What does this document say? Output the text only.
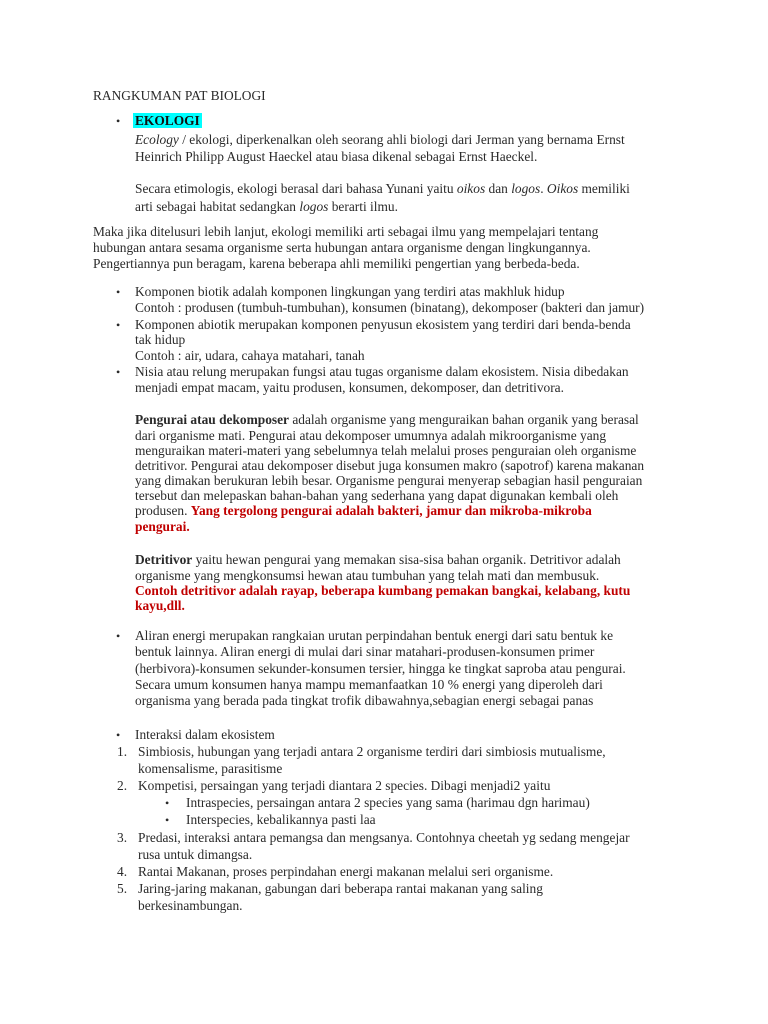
RANGKUMAN PAT BIOLOGI
• EKOLOGI
Ecology / ekologi, diperkenalkan oleh seorang ahli biologi dari Jerman yang bernama Ernst
Heinrich Philipp August Haeckel atau biasa dikenal sebagai Ernst Haeckel.
Secara etimologis, ekologi berasal dari bahasa Yunani yaitu oikos dan logos. Oikos memiliki
arti sebagai habitat sedangkan logos berarti ilmu.
Maka jika ditelusuri lebih lanjut, ekologi memiliki arti sebagai ilmu yang mempelajari tentang
hubungan antara sesama organisme serta hubungan antara organisme dengan lingkungannya.
Pengertiannya pun beragam, karena beberapa ahli memiliki pengertian yang berbeda-beda.
• Komponen biotik adalah komponen lingkungan yang terdiri atas makhluk hidup
Contoh : produsen (tumbuh-tumbuhan), konsumen (binatang), dekomposer (bakteri dan jamur)
• Komponen abiotik merupakan komponen penyusun ekosistem yang terdiri dari benda-benda
tak hidup
Contoh : air, udara, cahaya matahari, tanah
• Nisia atau relung merupakan fungsi atau tugas organisme dalam ekosistem. Nisia dibedakan
menjadi empat macam, yaitu produsen, konsumen, dekomposer, dan detritivora.
Pengurai atau dekomposer adalah organisme yang menguraikan bahan organik yang berasal
dari organisme mati. Pengurai atau dekomposer umumnya adalah mikroorganisme yang
menguraikan materi-materi yang sebelumnya telah melalui proses penguraian oleh organisme
detritivor. Pengurai atau dekomposer disebut juga konsumen makro (sapotrof) karena makanan
yang dimakan berukuran lebih besar. Organisme pengurai menyerap sebagian hasil penguraian
tersebut dan melepaskan bahan-bahan yang sederhana yang dapat digunakan kembali oleh
produsen. Yang tergolong pengurai adalah bakteri, jamur dan mikroba-mikroba
pengurai.
Detritivor yaitu hewan pengurai yang memakan sisa-sisa bahan organik. Detritivor adalah
organisme yang mengkonsumsi hewan atau tumbuhan yang telah mati dan membusuk.
Contoh detritivor adalah rayap, beberapa kumbang pemakan bangkai, kelabang, kutu
kayu,dll.
• Aliran energi merupakan rangkaian urutan perpindahan bentuk energi dari satu bentuk ke
bentuk lainnya. Aliran energi di mulai dari sinar matahari-produsen-konsumen primer
(herbivora)-konsumen sekunder-konsumen tersier, hingga ke tingkat saproba atau pengurai.
Secara umum konsumen hanya mampu memanfaatkan 10 % energi yang diperoleh dari
organisma yang berada pada tingkat trofik dibawahnya,sebagian energi sebagai panas
• Interaksi dalam ekosistem
1. Simbiosis, hubungan yang terjadi antara 2 organisme terdiri dari simbiosis mutualisme,
komensalisme, parasitisme
2. Kompetisi, persaingan yang terjadi diantara 2 species. Dibagi menjadi2 yaitu
• Intraspecies, persaingan antara 2 species yang sama (harimau dgn harimau)
• Interspecies, kebalikannya pasti laa
3. Predasi, interaksi antara pemangsa dan mengsanya. Contohnya cheetah yg sedang mengejar
rusa untuk dimangsa.
4. Rantai Makanan, proses perpindahan energi makanan melalui seri organisme.
5. Jaring-jaring makanan, gabungan dari beberapa rantai makanan yang saling
berkesinambungan.
